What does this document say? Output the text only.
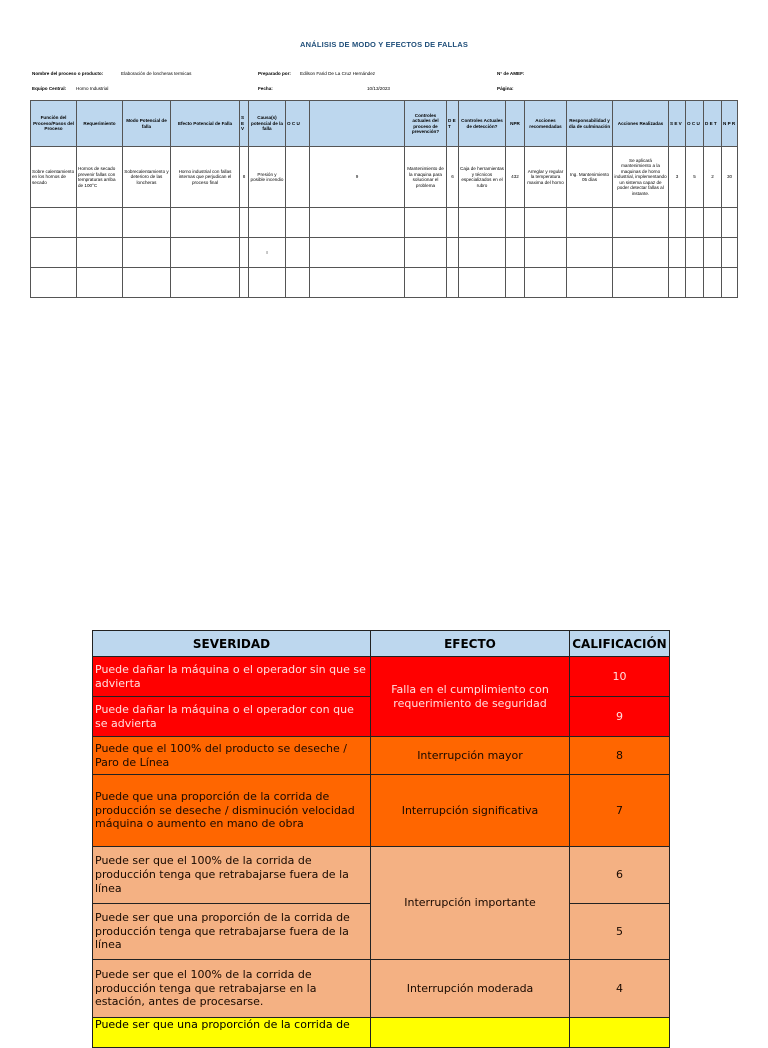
ANÁLISIS DE MODO Y EFECTOS DE FALLAS
Nombre del proceso o producto:	Elaboración de loncheras termicas	Preparado por: Edilson Farid De La Cruz Hernández	N° de AMEF:
Equipo Central: Horno Industrial	Fecha:	10/13/2023	Página:
Función del Proceso/Pasos del Proceso	Requerimiento	Modo Potencial de falla	Efecto Potencial de Falla	S E V	Causa(s) potencial de la falla	O C U		Controles actuales del proceso de prevención?	D E T	Controles Actuales de detección?	NPR	Acciones recomendadas	Responsabilidad y día de culminación	Acciones Realizadas	S E V	O C U	D E T	N P R
Sobre calentamiento en los hornos de secado	Hornos de secado prevenir fallas con tempraturas arriba de 100°C	Sobrecalentamiento y deterioro de las loncheras	Horno industrial con fallas internas que perjudican el proceso final	8	Presión y posible incendio		9	Mantenimiento de la maquina para solucionar el problema	6	Caja de herramientas y técnicos especializados en el rubro	432	Arreglar y regular la temperatura maxima del horno	Ing. Mantenimiento 05 días	Se aplicará mantenimiento a la maquinas de horno industrial, implementando un sistema capaz de poder detectar fallas al instante.	3	5	2	30

					I													

SEVERIDAD	EFECTO	CALIFICACIÓN
Puede dañar la máquina o el operador sin que se advierta	Falla en el cumplimiento con requerimiento de seguridad	10
Puede dañar la máquina o el operador con que se advierta		9
Puede que el 100% del producto se deseche / Paro de Línea	Interrupción mayor	8
Puede que una proporción de la corrida de producción se deseche / disminución velocidad máquina o aumento en mano de obra	Interrupción significativa	7
Puede ser que el 100% de la corrida de producción tenga que retrabajarse fuera de la línea	Interrupción importante	6
Puede ser que una proporción de la corrida de producción tenga que retrabajarse fuera de la línea		5
Puede ser que el 100% de la corrida de producción tenga que retrabajarse en la estación, antes de procesarse.	Interrupción moderada	4
Puede ser que una proporción de la corrida de		
